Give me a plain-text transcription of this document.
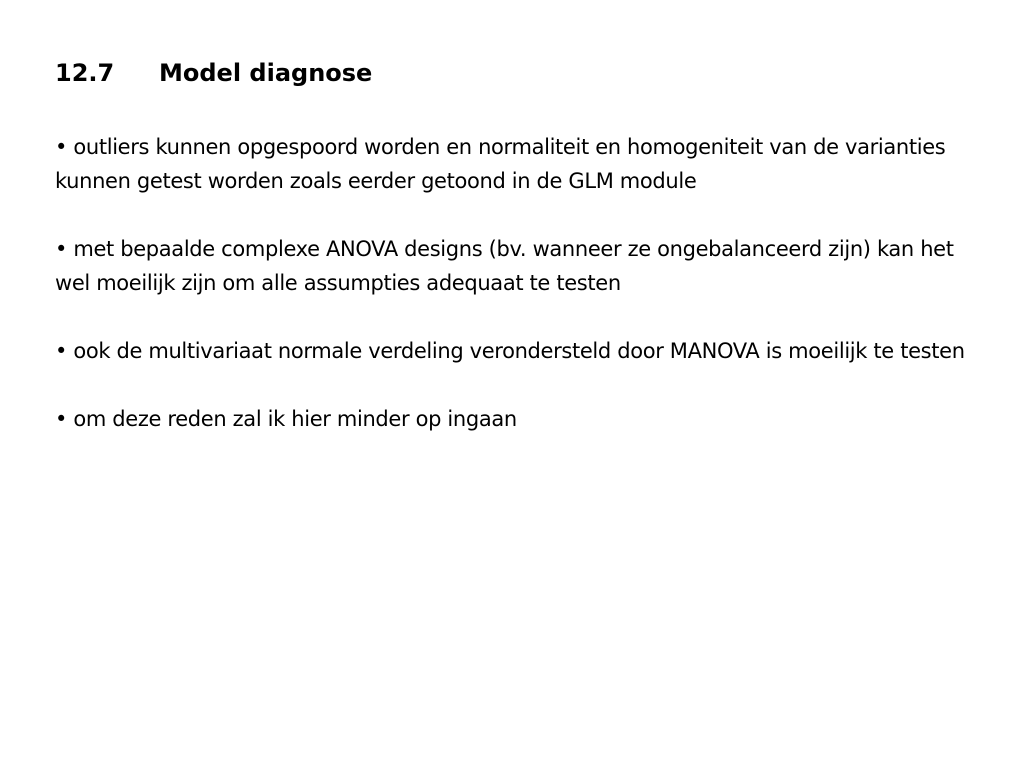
12.7 Model diagnose

• outliers kunnen opgespoord worden en normaliteit en homogeniteit van de varianties kunnen getest worden zoals eerder getoond in de GLM module

• met bepaalde complexe ANOVA designs (bv. wanneer ze ongebalanceerd zijn) kan het wel moeilijk zijn om alle assumpties adequaat te testen

• ook de multivariaat normale verdeling verondersteld door MANOVA is moeilijk te testen

• om deze reden zal ik hier minder op ingaan
